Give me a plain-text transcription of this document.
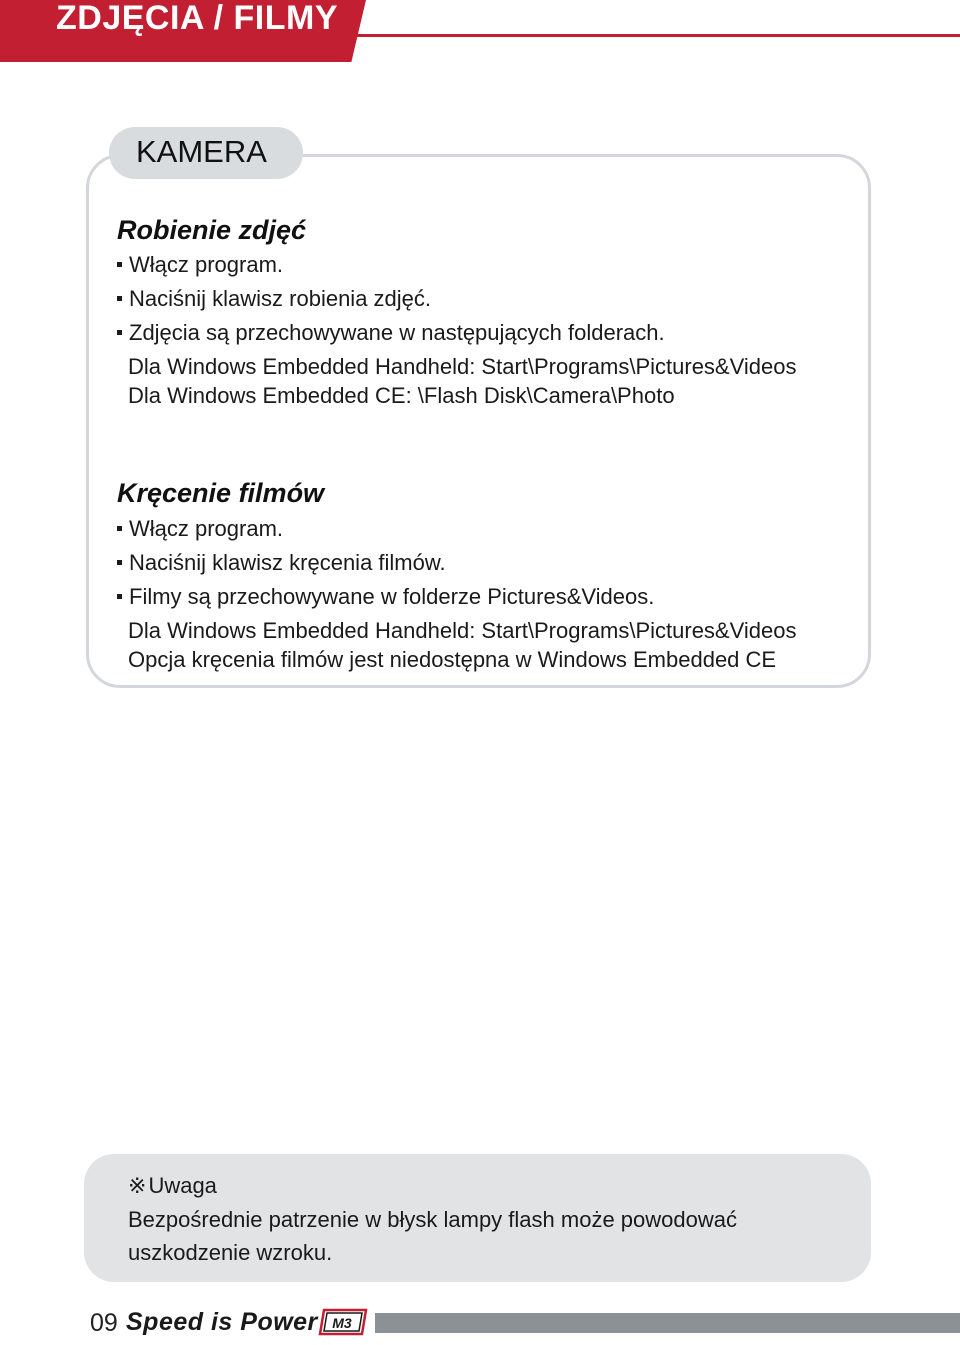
ZDJĘCIA / FILMY
KAMERA
Robienie zdjęć
Włącz program.
Naciśnij klawisz robienia zdjęć.
Zdjęcia są przechowywane w następujących folderach.
Dla Windows Embedded Handheld: Start\Programs\Pictures&Videos
Dla Windows Embedded CE: \Flash Disk\Camera\Photo
Kręcenie filmów
Włącz program.
Naciśnij klawisz kręcenia filmów.
Filmy są przechowywane w folderze Pictures&Videos.
Dla Windows Embedded Handheld: Start\Programs\Pictures&Videos
Opcja kręcenia filmów jest niedostępna w Windows Embedded CE
※Uwaga
Bezpośrednie patrzenie w błysk lampy flash może powodować
uszkodzenie wzroku.
09 Speed is Power M3
